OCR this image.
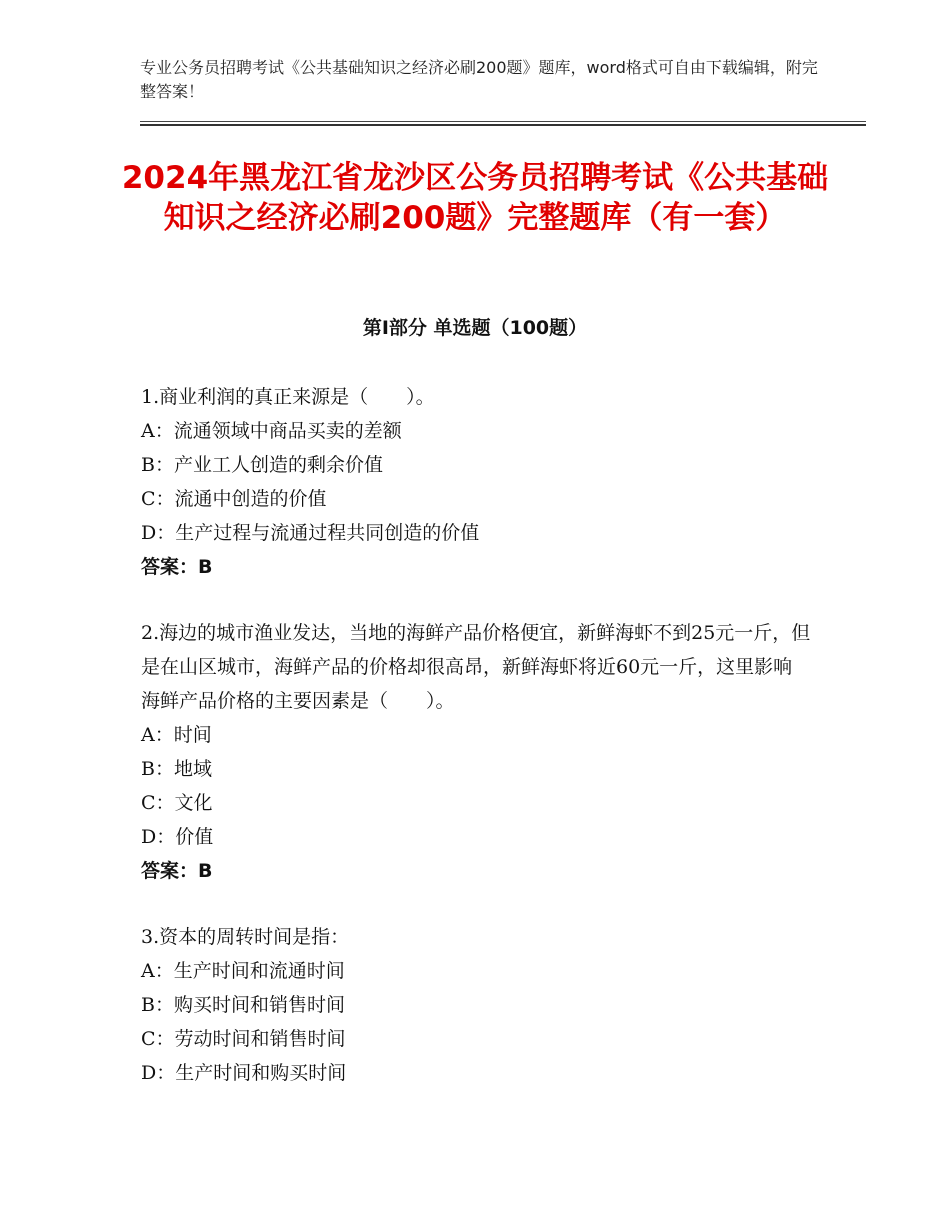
专业公务员招聘考试《公共基础知识之经济必刷200题》题库，word格式可自由下载编辑，附完整答案！
2024年黑龙江省龙沙区公务员招聘考试《公共基础知识之经济必刷200题》完整题库（有一套）
第Ⅰ部分 单选题（100题）

1.商业利润的真正来源是（　　）。

A：流通领域中商品买卖的差额
B：产业工人创造的剩余价值
C：流通中创造的价值
D：生产过程与流通过程共同创造的价值
答案：B

2.海边的城市渔业发达，当地的海鲜产品价格便宜，新鲜海虾不到25元一斤，但是在山区城市，海鲜产品的价格却很高昂，新鲜海虾将近60元一斤，这里影响海鲜产品价格的主要因素是（　　）。

A：时间
B：地域
C：文化
D：价值
答案：B

3.资本的周转时间是指：

A：生产时间和流通时间
B：购买时间和销售时间
C：劳动时间和销售时间
D：生产时间和购买时间
